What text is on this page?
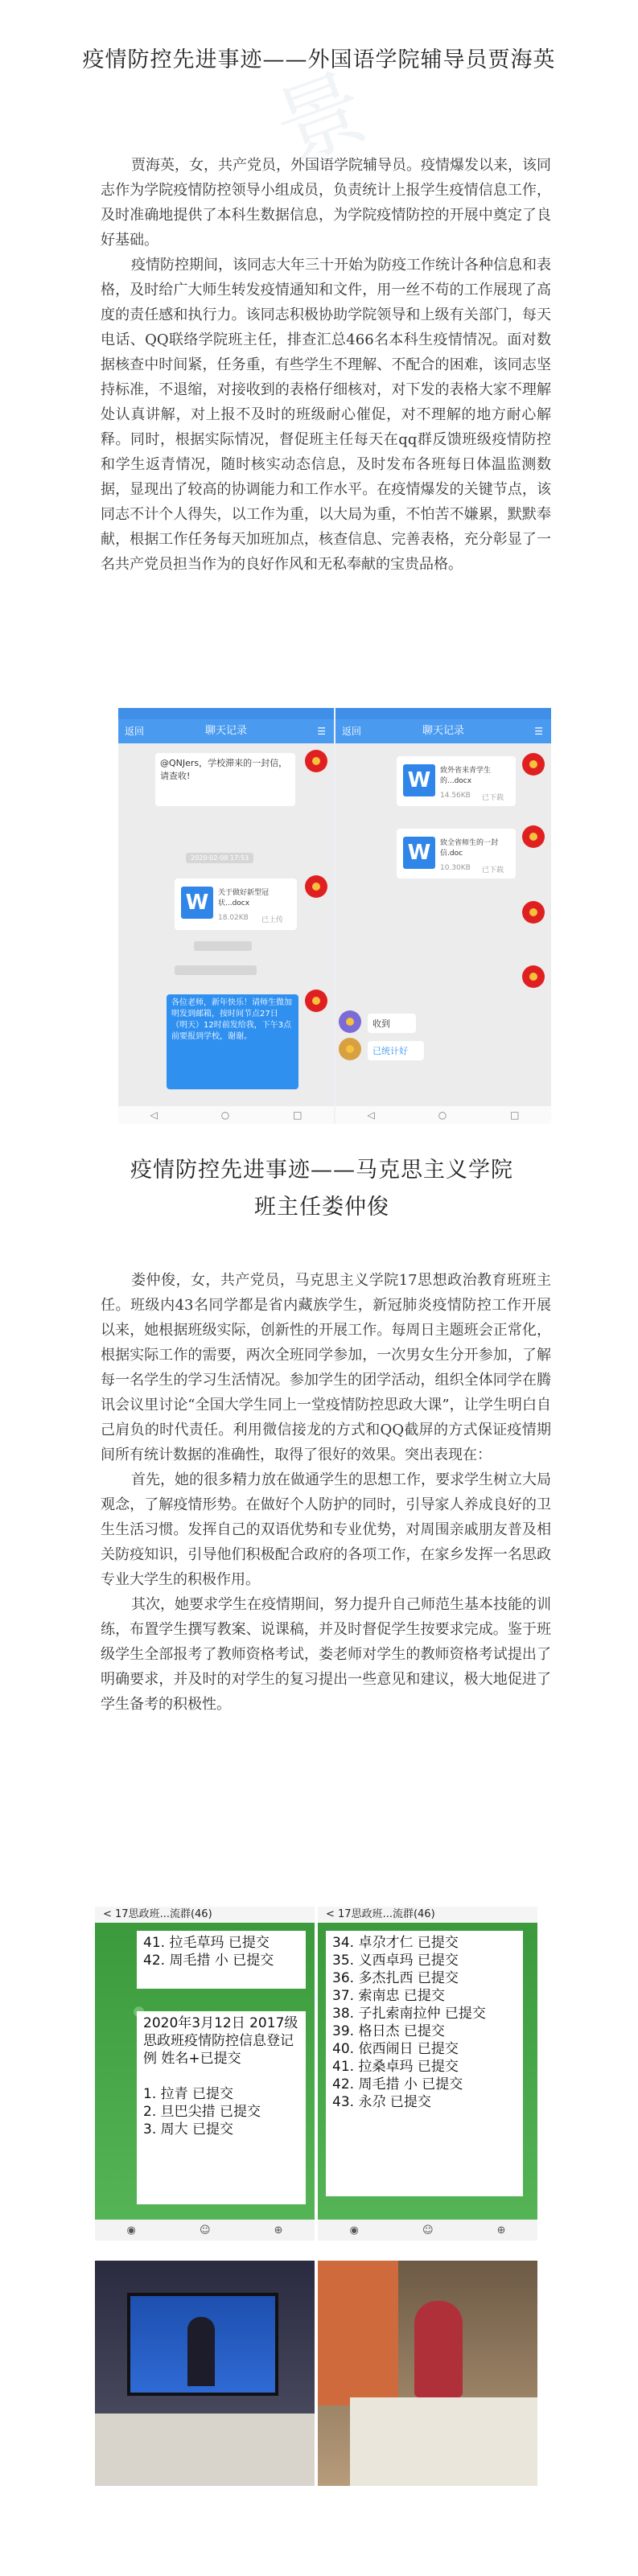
景
疫情防控先进事迹——外国语学院辅导员贾海英

贾海英，女，共产党员，外国语学院辅导员。疫情爆发以来，该同志作为学院疫情防控领导小组成员，负责统计上报学生疫情信息工作，及时准确地提供了本科生数据信息，为学院疫情防控的开展中奠定了良好基础。

疫情防控期间，该同志大年三十开始为防疫工作统计各种信息和表格，及时给广大师生转发疫情通知和文件，用一丝不苟的工作展现了高度的责任感和执行力。该同志积极协助学院领导和上级有关部门，每天电话、QQ联络学院班主任，排查汇总466名本科生疫情情况。面对数据核查中时间紧，任务重，有些学生不理解、不配合的困难，该同志坚持标准，不退缩，对接收到的表格仔细核对，对下发的表格大家不理解处认真讲解，对上报不及时的班级耐心催促，对不理解的地方耐心解释。同时，根据实际情况，督促班主任每天在qq群反馈班级疫情防控和学生返青情况，随时核实动态信息，及时发布各班每日体温监测数据，显现出了较高的协调能力和工作水平。在疫情爆发的关键节点，该同志不计个人得失，以工作为重，以大局为重，不怕苦不嫌累，默默奉献，根据工作任务每天加班加点，核查信息、完善表格，充分彰显了一名共产党员担当作为的良好作风和无私奉献的宝贵品格。

返回	聊天记录	☰
@QNJers，学校滞来的一封信，请查收!
2020-02-08 17:53
W	关于做好新型冠状...docx
18.02KB 已上传
各位老师，新年快乐！请师生微加明发到邮箱，按时间节点27日（明天）12时前发给我，下午3点前要报到学校，谢谢。
◁	○	□
返回	聊天记录	☰
W	致外省来青学生的...docx
14.56KB 已下载
W	致全省师生的一封信.doc
10.30KB 已下载
收到
已统计好
◁	○	□
疫情防控先进事迹——马克思主义学院班主任娄仲俊

娄仲俊，女，共产党员，马克思主义学院17思想政治教育班班主任。班级内43名同学都是省内藏族学生，新冠肺炎疫情防控工作开展以来，她根据班级实际，创新性的开展工作。每周日主题班会正常化，根据实际工作的需要，两次全班同学参加，一次男女生分开参加，了解每一名学生的学习生活情况。参加学生的团学活动，组织全体同学在腾讯会议里讨论“全国大学生同上一堂疫情防控思政大课”，让学生明白自己肩负的时代责任。利用微信接龙的方式和QQ截屏的方式保证疫情期间所有统计数据的准确性，取得了很好的效果。突出表现在：

首先，她的很多精力放在做通学生的思想工作，要求学生树立大局观念，了解疫情形势。在做好个人防护的同时，引导家人养成良好的卫生生活习惯。发挥自己的双语优势和专业优势，对周围亲戚朋友普及相关防疫知识，引导他们积极配合政府的各项工作，在家乡发挥一名思政专业大学生的积极作用。

其次，她要求学生在疫情期间，努力提升自己师范生基本技能的训练，布置学生撰写教案、说课稿，并及时督促学生按要求完成。鉴于班级学生全部报考了教师资格考试，娄老师对学生的教师资格考试提出了明确要求，并及时的对学生的复习提出一些意见和建议，极大地促进了学生备考的积极性。

< 17思政班...流群(46)
41. 拉毛草玛 已提交
42. 周毛措 小 已提交
2020年3月12日 2017级思政班疫情防控信息登记
例 姓名+已提交

1. 拉青 已提交
2. 旦巴尖措 已提交
3. 周大 已提交
◉	☺	⊕
< 17思政班...流群(46)
34. 卓尕才仁 已提交
35. 义西卓玛 已提交
36. 多杰扎西 已提交
37. 索南忠 已提交
38. 子扎索南拉仲 已提交
39. 格日杰 已提交
40. 依西闹日 已提交
41. 拉桑卓玛 已提交
42. 周毛措 小 已提交
43. 永尕 已提交
◉	☺	⊕
